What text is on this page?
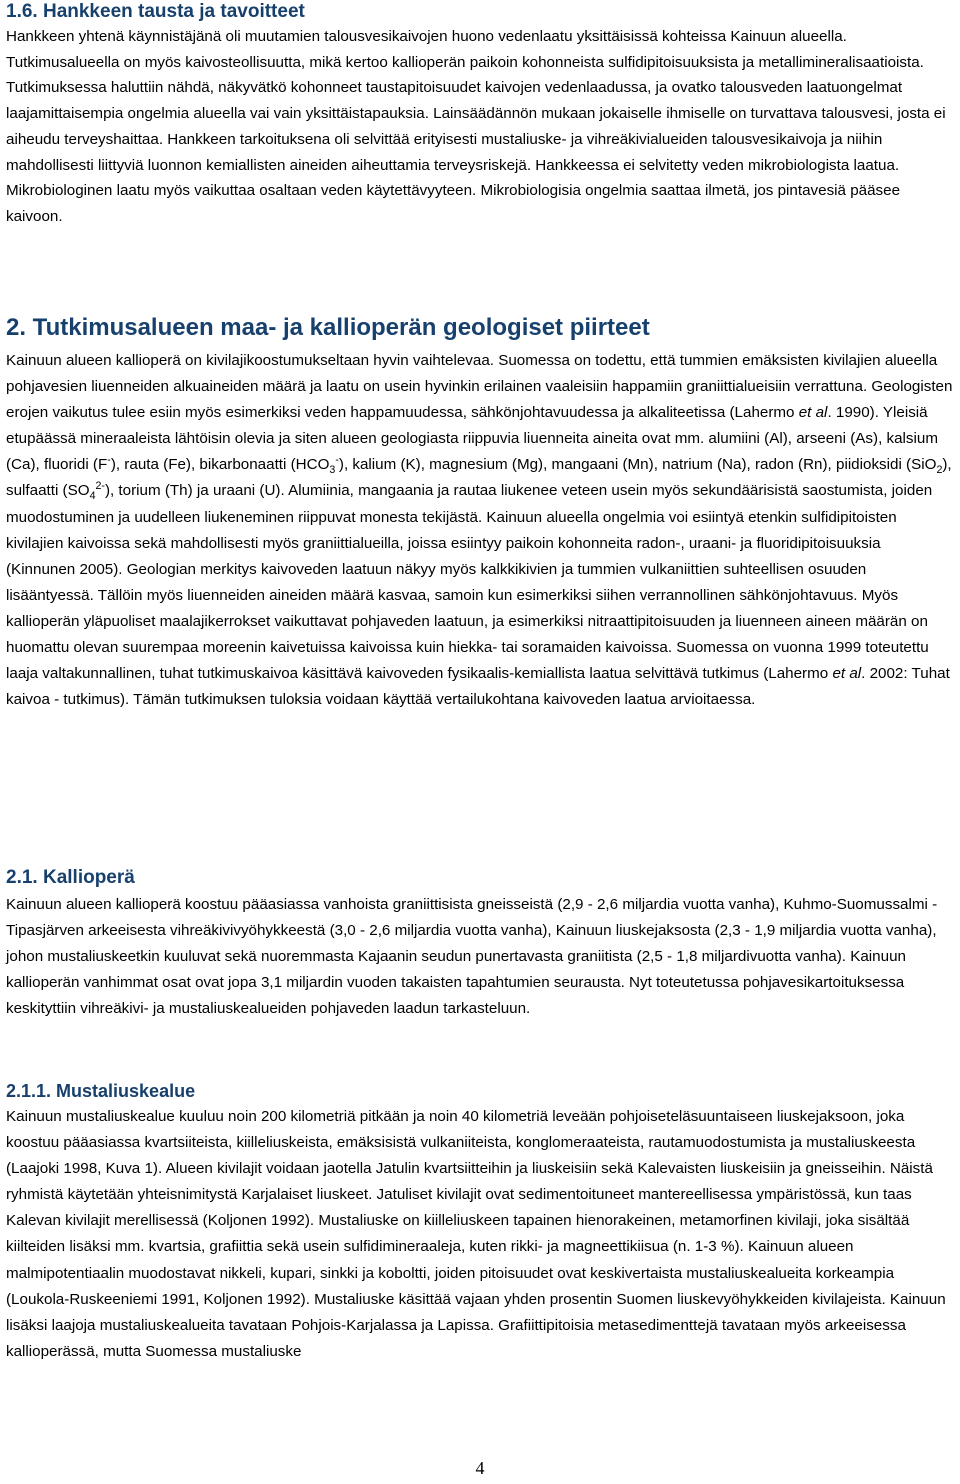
1.6. Hankkeen tausta ja tavoitteet

Hankkeen yhtenä käynnistäjänä oli muutamien talousvesikaivojen huono vedenlaatu yksittäisissä kohteissa Kainuun alueella. Tutkimusalueella on myös kaivosteollisuutta, mikä kertoo kallioperän paikoin kohonneista sulfidipitoisuuksista ja metallimineralisaatioista. Tutkimuksessa haluttiin nähdä, näkyvätkö kohonneet taustapitoisuudet kaivojen vedenlaadussa, ja ovatko talousveden laatuongelmat laajamittaisempia ongelmia alueella vai vain yksittäistapauksia. Lainsäädännön mukaan jokaiselle ihmiselle on turvattava talousvesi, josta ei aiheudu terveyshaittaa. Hankkeen tarkoituksena oli selvittää erityisesti mustaliuske- ja vihreäkivialueiden talousvesikaivoja ja niihin mahdollisesti liittyviä luonnon kemiallisten aineiden aiheuttamia terveysriskejä. Hankkeessa ei selvitetty veden mikrobiologista laatua. Mikrobiologinen laatu myös vaikuttaa osaltaan veden käytettävyyteen. Mikrobiologisia ongelmia saattaa ilmetä, jos pintavesiä pääsee kaivoon.

2. Tutkimusalueen maa- ja kallioperän geologiset piirteet

Kainuun alueen kallioperä on kivilajikoostumukseltaan hyvin vaihtelevaa. Suomessa on todettu, että tummien emäksisten kivilajien alueella pohjavesien liuenneiden alkuaineiden määrä ja laatu on usein hyvinkin erilainen vaaleisiin happamiin graniittialueisiin verrattuna. Geologisten erojen vaikutus tulee esiin myös esimerkiksi veden happamuudessa, sähkönjohtavuudessa ja alkaliteetissa (Lahermo et al. 1990). Yleisiä etupäässä mineraaleista lähtöisin olevia ja siten alueen geologiasta riippuvia liuenneita aineita ovat mm. alumiini (Al), arseeni (As), kalsium (Ca), fluoridi (F-), rauta (Fe), bikarbonaatti $(HCO_3^-)$, kalium (K), magnesium (Mg), mangaani (Mn), natrium (Na), radon (Rn), piidioksidi (SiO$_2$), sulfaatti $(SO_4^{2-})$, torium (Th) ja uraani (U). Alumiinia, mangaania ja rautaa liukenee veteen usein myös sekundäärisistä saostumista, joiden muodostuminen ja uudelleen liukeneminen riippuvat monesta tekijästä. Kainuun alueella ongelmia voi esiintyä etenkin sulfidipitoisten kivilajien kaivoissa sekä mahdollisesti myös graniittialueilla, joissa esiintyy paikoin kohonneita radon-, uraani- ja fluoridipitoisuuksia (Kinnunen 2005). Geologian merkitys kaivoveden laatuun näkyy myös kalkkikivien ja tummien vulkaniittien suhteellisen osuuden lisääntyessä. Tällöin myös liuenneiden aineiden määrä kasvaa, samoin kun esimerkiksi siihen verrannollinen sähkönjohtavuus. Myös kallioperän yläpuoliset maalajikerrokset vaikuttavat pohjaveden laatuun, ja esimerkiksi nitraattipitoisuuden ja liuenneen aineen määrän on huomattu olevan suurempaa moreenin kaivetuissa kaivoissa kuin hiekka- tai soramaiden kaivoissa. Suomessa on vuonna 1999 toteutettu laaja valtakunnallinen, tuhat tutkimuskaivoa käsittävä kaivoveden fysikaalis-kemiallista laatua selvittävä tutkimus (Lahermo et al. 2002: Tuhat kaivoa - tutkimus). Tämän tutkimuksen tuloksia voidaan käyttää vertailukohtana kaivoveden laatua arvioitaessa.

2.1. Kallioperä

Kainuun alueen kallioperä koostuu pääasiassa vanhoista graniittisista gneisseistä (2,9 - 2,6 miljardia vuotta vanha), Kuhmo-Suomussalmi - Tipasjärven arkeeisesta vihreäkivivyöhykkeestä (3,0 - 2,6 miljardia vuotta vanha), Kainuun liuskejaksosta (2,3 - 1,9 miljardia vuotta vanha), johon mustaliuskeetkin kuuluvat sekä nuoremmasta Kajaanin seudun punertavasta graniitista (2,5 - 1,8 miljardivuotta vanha). Kainuun kallioperän vanhimmat osat ovat jopa 3,1 miljardin vuoden takaisten tapahtumien seurausta. Nyt toteutetussa pohjavesikartoituksessa keskityttiin vihreäkivi- ja mustaliuskealueiden pohjaveden laadun tarkasteluun.

2.1.1. Mustaliuskealue

Kainuun mustaliuskealue kuuluu noin 200 kilometriä pitkään ja noin 40 kilometriä leveään pohjoiseteläsuuntaiseen liuskejaksoon, joka koostuu pääasiassa kvartsiiteista, kiilleliuskeista, emäksisistä vulkaniiteista, konglomeraateista, rautamuodostumista ja mustaliuskeesta (Laajoki 1998, Kuva 1). Alueen kivilajit voidaan jaotella Jatulin kvartsiitteihin ja liuskeisiin sekä Kalevaisten liuskeisiin ja gneisseihin. Näistä ryhmistä käytetään yhteisnimitystä Karjalaiset liuskeet. Jatuliset kivilajit ovat sedimentoituneet mantereellisessa ympäristössä, kun taas Kalevan kivilajit merellisessä (Koljonen 1992). Mustaliuske on kiilleliuskeen tapainen hienorakeinen, metamorfinen kivilaji, joka sisältää kiilteiden lisäksi mm. kvartsia, grafiittia sekä usein sulfidimineraaleja, kuten rikki- ja magneettikiisua (n. 1-3 %). Kainuun alueen malmipotentiaalin muodostavat nikkeli, kupari, sinkki ja koboltti, joiden pitoisuudet ovat keskivertaista mustaliuskealueita korkeampia (Loukola-Ruskeeniemi 1991, Koljonen 1992). Mustaliuske käsittää vajaan yhden prosentin Suomen liuskevyöhykkeiden kivilajeista. Kainuun lisäksi laajoja mustaliuskealueita tavataan Pohjois-Karjalassa ja Lapissa. Grafiittipitoisia metasedimenttejä tavataan myös arkeeisessa kallioperässä, mutta Suomessa mustaliuske

4
